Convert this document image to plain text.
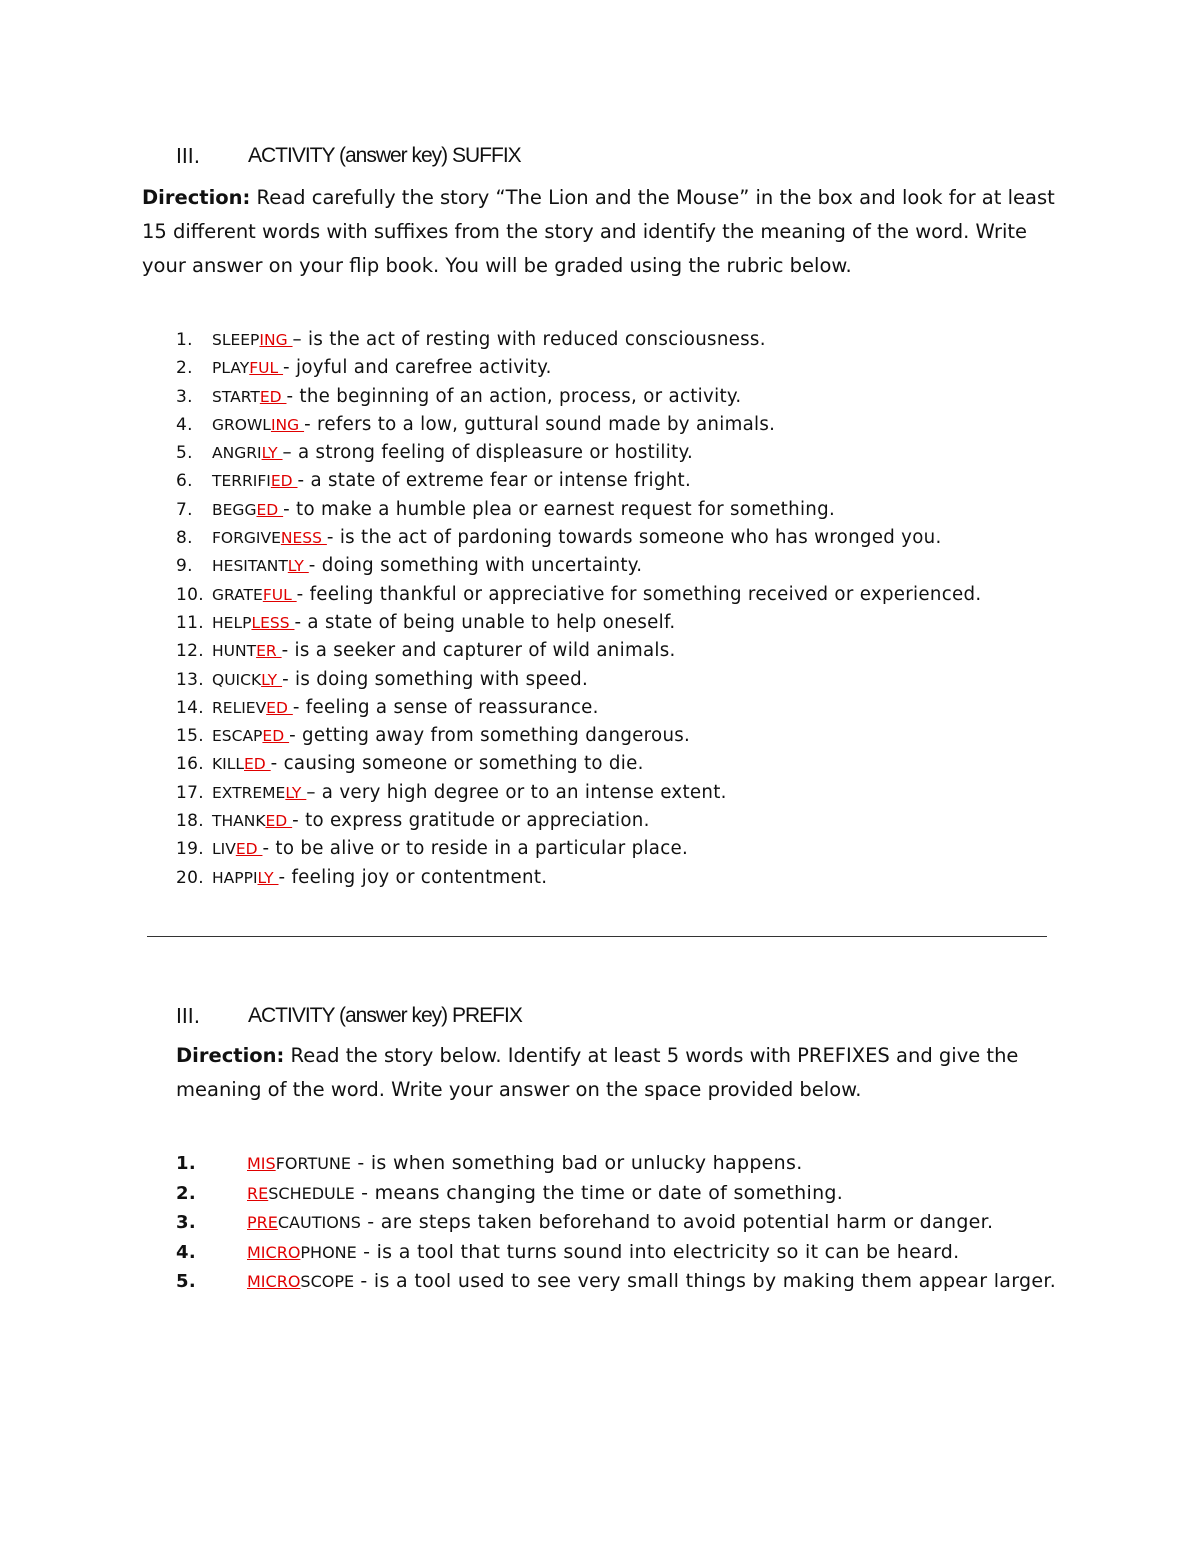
III.	ACTIVITY (answer key) SUFFIX
Direction: Read carefully the story “The Lion and the Mouse” in the box and look for at least 15 different words with suffixes from the story and identify the meaning of the word. Write your answer on your flip book. You will be graded using the rubric below.
1.	SLEEPING – is the act of resting with reduced consciousness.
2.	PLAYFUL - joyful and carefree activity.
3.	STARTED - the beginning of an action, process, or activity.
4.	GROWLING - refers to a low, guttural sound made by animals.
5.	ANGRILY – a strong feeling of displeasure or hostility.
6.	TERRIFIED - a state of extreme fear or intense fright.
7.	BEGGED - to make a humble plea or earnest request for something.
8.	FORGIVENESS - is the act of pardoning towards someone who has wronged you.
9.	HESITANTLY - doing something with uncertainty.
10. GRATEFUL - feeling thankful or appreciative for something received or experienced.
11. HELPLESS - a state of being unable to help oneself.
12. HUNTER - is a seeker and capturer of wild animals.
13. QUICKLY - is doing something with speed.
14. RELIEVED - feeling a sense of reassurance.
15. ESCAPED - getting away from something dangerous.
16. KILLED - causing someone or something to die.
17. EXTREMELY – a very high degree or to an intense extent.
18. THANKED - to express gratitude or appreciation.
19. LIVED - to be alive or to reside in a particular place.
20. HAPPILY - feeling joy or contentment.
III.	ACTIVITY (answer key) PREFIX
Direction: Read the story below. Identify at least 5 words with PREFIXES and give the meaning of the word. Write your answer on the space provided below.
1.	MISFORTUNE - is when something bad or unlucky happens.
2.	RESCHEDULE - means changing the time or date of something.
3.	PRECAUTIONS - are steps taken beforehand to avoid potential harm or danger.
4.	MICROPHONE - is a tool that turns sound into electricity so it can be heard.
5.	MICROSCOPE - is a tool used to see very small things by making them appear larger.
